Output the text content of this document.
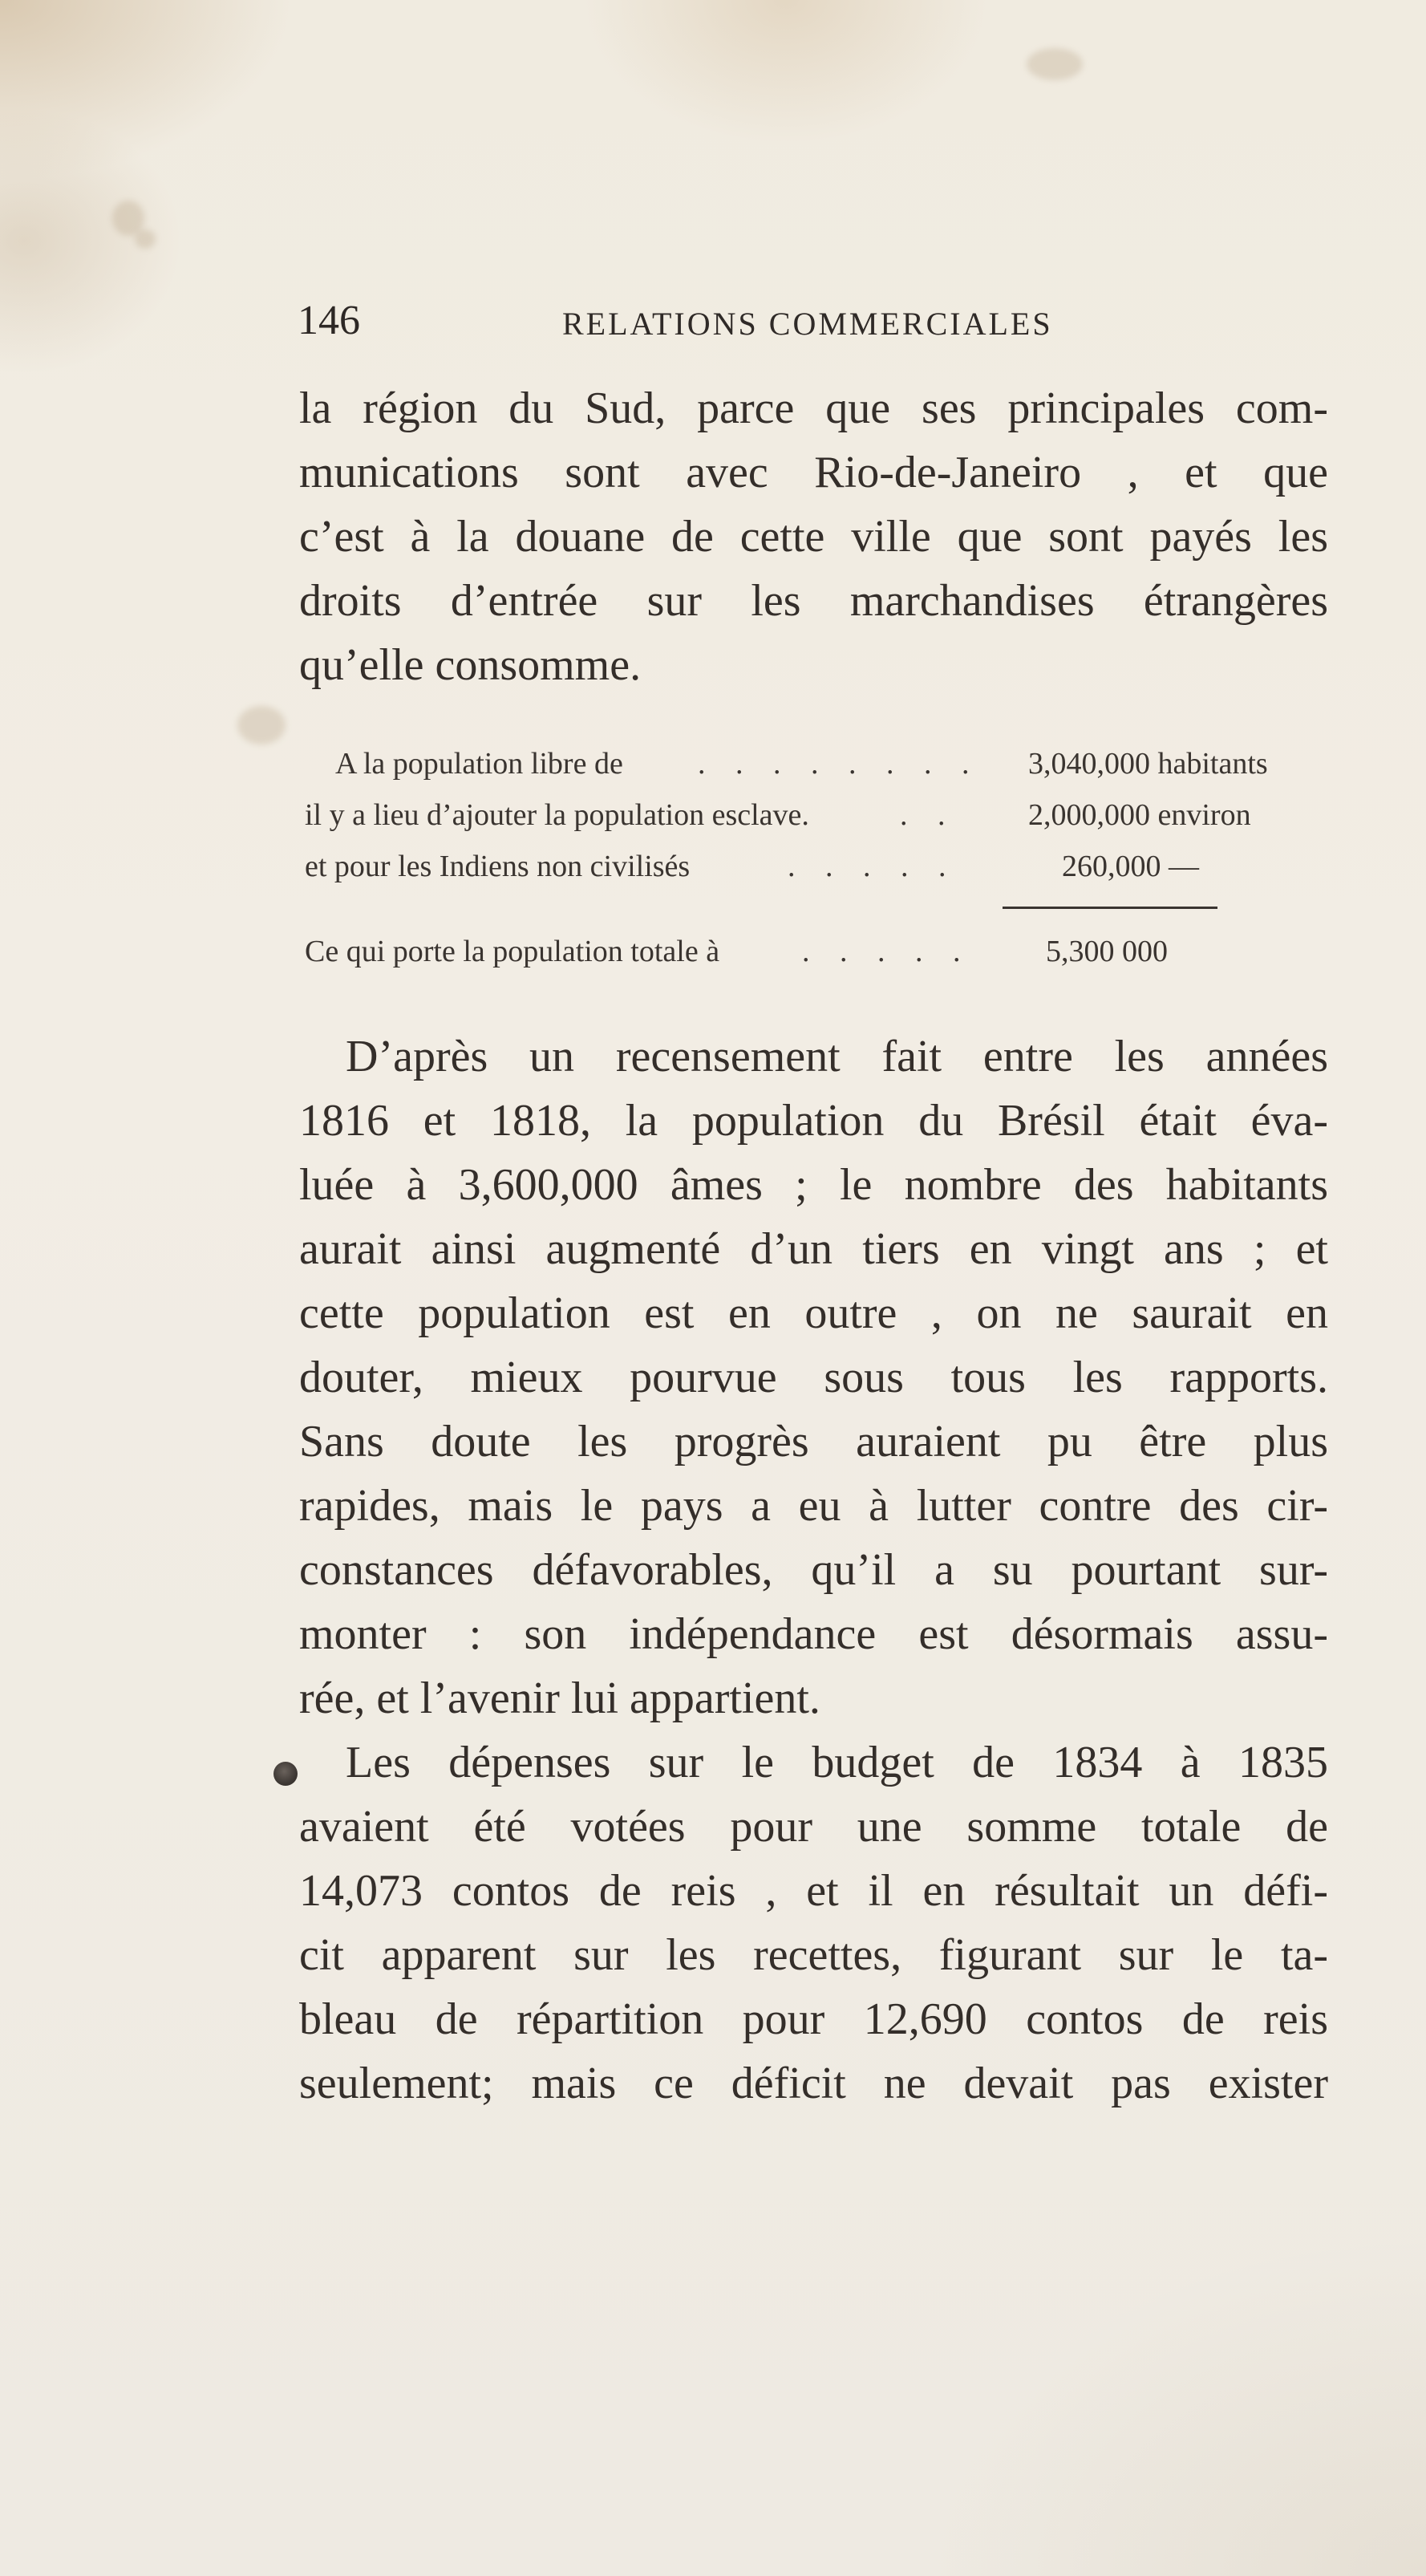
146	RELATIONS COMMERCIALES
la région du Sud, parce que ses principales com-
munications sont avec Rio-de-Janeiro , et que
c’est à la douane de cette ville que sont payés les
droits d’entrée sur les marchandises étrangères
qu’elle consomme.
A la population libre de . . . . . . . . 3,040,000 habitants
il y a lieu d’ajouter la population esclave.	. . 2,000,000 environ
et pour les Indiens non civilisés	. . . . .	260,000 —
Ce qui porte la population totale à	. . . . . 5,300 000
D’après un recensement fait entre les années
1816 et 1818, la population du Brésil était éva-
luée à 3,600,000 âmes ; le nombre des habitants
aurait ainsi augmenté d’un tiers en vingt ans ; et
cette population est en outre , on ne saurait en
douter, mieux pourvue sous tous les rapports.
Sans doute les progrès auraient pu être plus
rapides, mais le pays a eu à lutter contre des cir-
constances défavorables, qu’il a su pourtant sur-
monter : son indépendance est désormais assu-
rée, et l’avenir lui appartient.
Les dépenses sur le budget de 1834 à 1835
avaient été votées pour une somme totale de
14,073 contos de reis , et il en résultait un défi-
cit apparent sur les recettes, figurant sur le ta-
bleau de répartition pour 12,690 contos de reis
seulement; mais ce déficit ne devait pas exister
